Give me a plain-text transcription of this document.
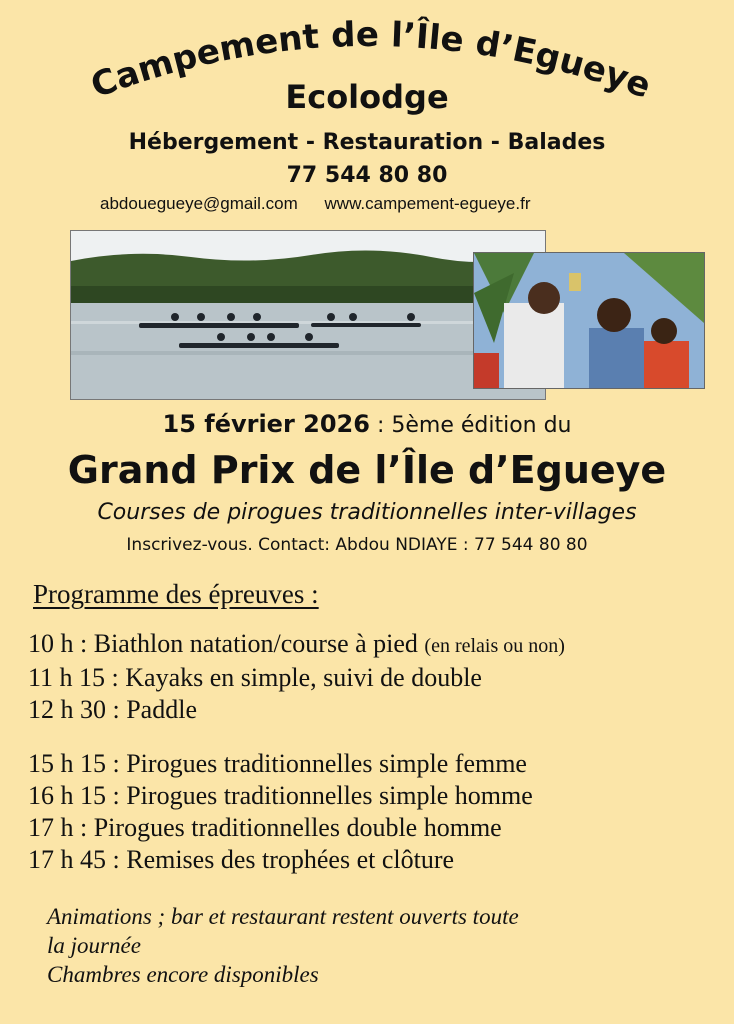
Campement de l’Île d’Egueye
Ecolodge
Hébergement - Restauration - Balades
77 544 80 80
abdouegueye@gmail.com www.campement-egueye.fr
15 février 2026 : 5ème édition du
Grand Prix de l’Île d’Egueye
Courses de pirogues traditionnelles inter-villages
Inscrivez-vous. Contact: Abdou NDIAYE : 77 544 80 80
Programme des épreuves :
10 h : Biathlon natation/course à pied (en relais ou non)
11 h 15 : Kayaks en simple, suivi de double
12 h 30 : Paddle
15 h 15 : Pirogues traditionnelles simple femme
16 h 15 : Pirogues traditionnelles simple homme
17 h : Pirogues traditionnelles double homme
17 h 45 : Remises des trophées et clôture
Animations ; bar et restaurant restent ouverts toute
la journée
Chambres encore disponibles
